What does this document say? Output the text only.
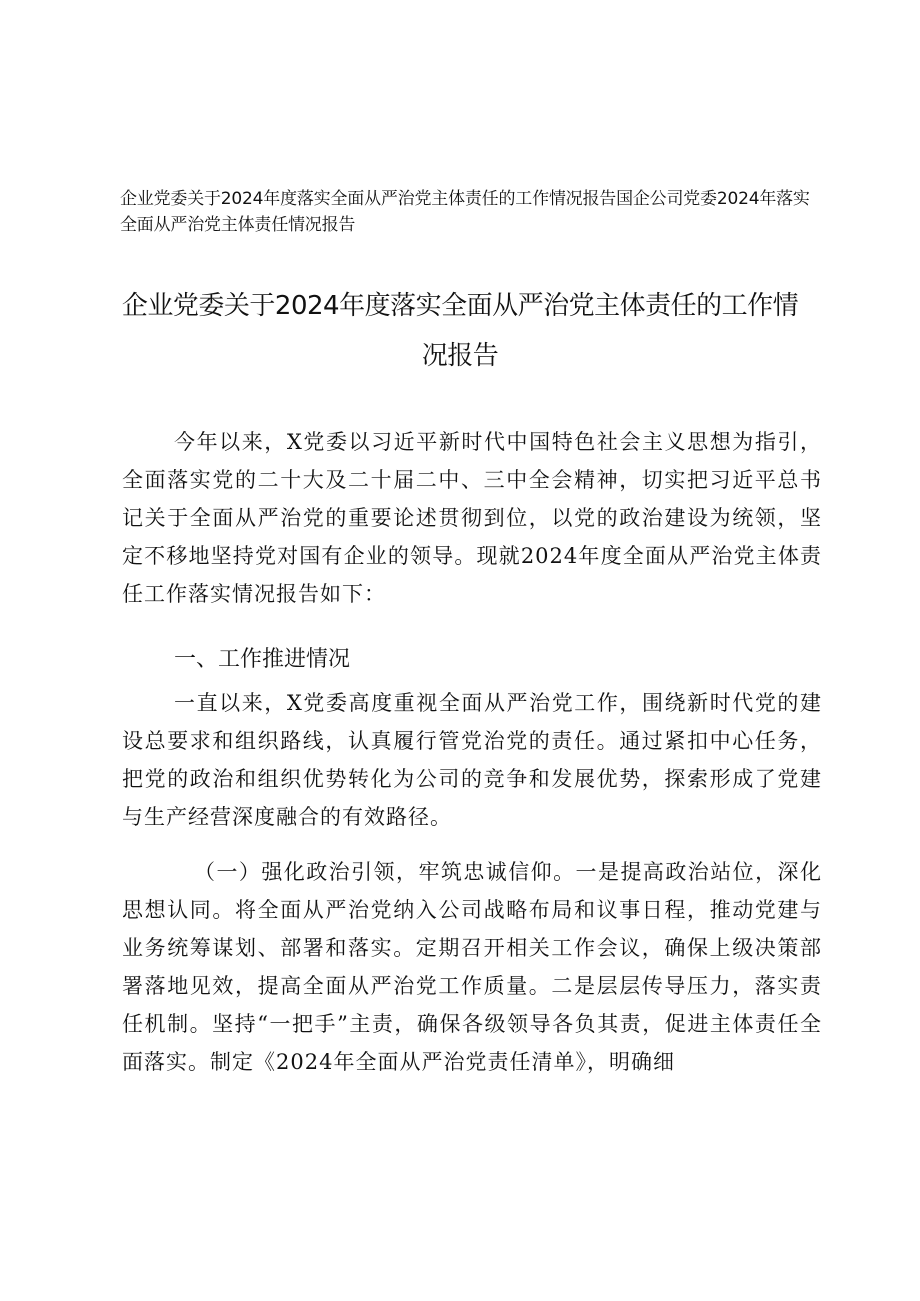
企业党委关于2024年度落实全面从严治党主体责任的工作情况报告国企公司党委2024年落实全面从严治党主体责任情况报告
企业党委关于2024年度落实全面从严治党主体责任的工作情况报告
今年以来，X党委以习近平新时代中国特色社会主义思想为指引，全面落实党的二十大及二十届二中、三中全会精神，切实把习近平总书记关于全面从严治党的重要论述贯彻到位，以党的政治建设为统领，坚定不移地坚持党对国有企业的领导。现就2024年度全面从严治党主体责任工作落实情况报告如下：
一、工作推进情况
一直以来，X党委高度重视全面从严治党工作，围绕新时代党的建设总要求和组织路线，认真履行管党治党的责任。通过紧扣中心任务，把党的政治和组织优势转化为公司的竞争和发展优势，探索形成了党建与生产经营深度融合的有效路径。
（一）强化政治引领，牢筑忠诚信仰。一是提高政治站位，深化思想认同。将全面从严治党纳入公司战略布局和议事日程，推动党建与业务统筹谋划、部署和落实。定期召开相关工作会议，确保上级决策部署落地见效，提高全面从严治党工作质量。二是层层传导压力，落实责任机制。坚持“一把手”主责，确保各级领导各负其责，促进主体责任全面落实。制定《2024年全面从严治党责任清单》，明确细
